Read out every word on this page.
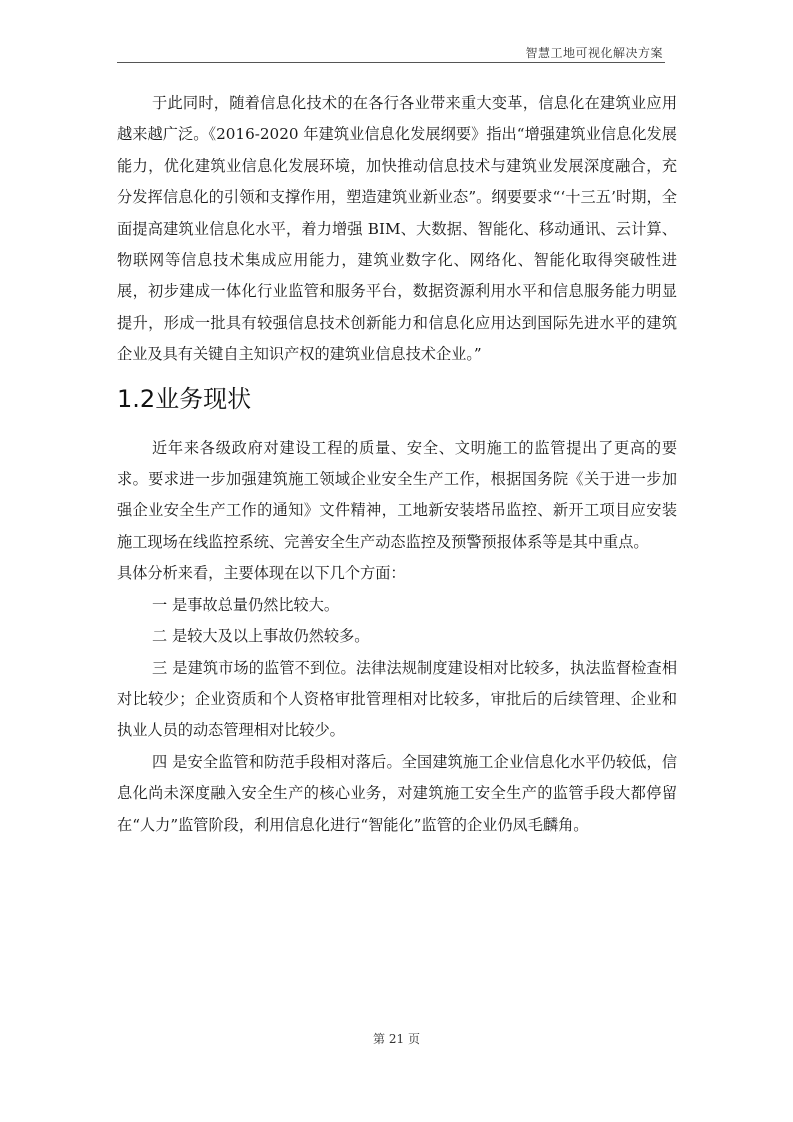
智慧工地可视化解决方案

于此同时，随着信息化技术的在各行各业带来重大变革，信息化在建筑业应用越来越广泛。《2016-2020 年建筑业信息化发展纲要》指出“增强建筑业信息化发展能力，优化建筑业信息化发展环境，加快推动信息技术与建筑业发展深度融合，充分发挥信息化的引领和支撑作用，塑造建筑业新业态”。纲要要求“‘十三五’时期，全面提高建筑业信息化水平，着力增强 BIM、大数据、智能化、移动通讯、云计算、物联网等信息技术集成应用能力，建筑业数字化、网络化、智能化取得突破性进展，初步建成一体化行业监管和服务平台，数据资源利用水平和信息服务能力明显提升，形成一批具有较强信息技术创新能力和信息化应用达到国际先进水平的建筑企业及具有关键自主知识产权的建筑业信息技术企业。”

1.2业务现状

近年来各级政府对建设工程的质量、安全、文明施工的监管提出了更高的要求。要求进一步加强建筑施工领域企业安全生产工作，根据国务院《关于进一步加强企业安全生产工作的通知》文件精神，工地新安装塔吊监控、新开工项目应安装施工现场在线监控系统、完善安全生产动态监控及预警预报体系等是其中重点。

具体分析来看，主要体现在以下几个方面：

一 是事故总量仍然比较大。

二 是较大及以上事故仍然较多。

三 是建筑市场的监管不到位。法律法规制度建设相对比较多，执法监督检查相对比较少；企业资质和个人资格审批管理相对比较多，审批后的后续管理、企业和执业人员的动态管理相对比较少。

四 是安全监管和防范手段相对落后。全国建筑施工企业信息化水平仍较低，信息化尚未深度融入安全生产的核心业务，对建筑施工安全生产的监管手段大都停留在“人力”监管阶段，利用信息化进行“智能化”监管的企业仍凤毛麟角。

第 21 页
